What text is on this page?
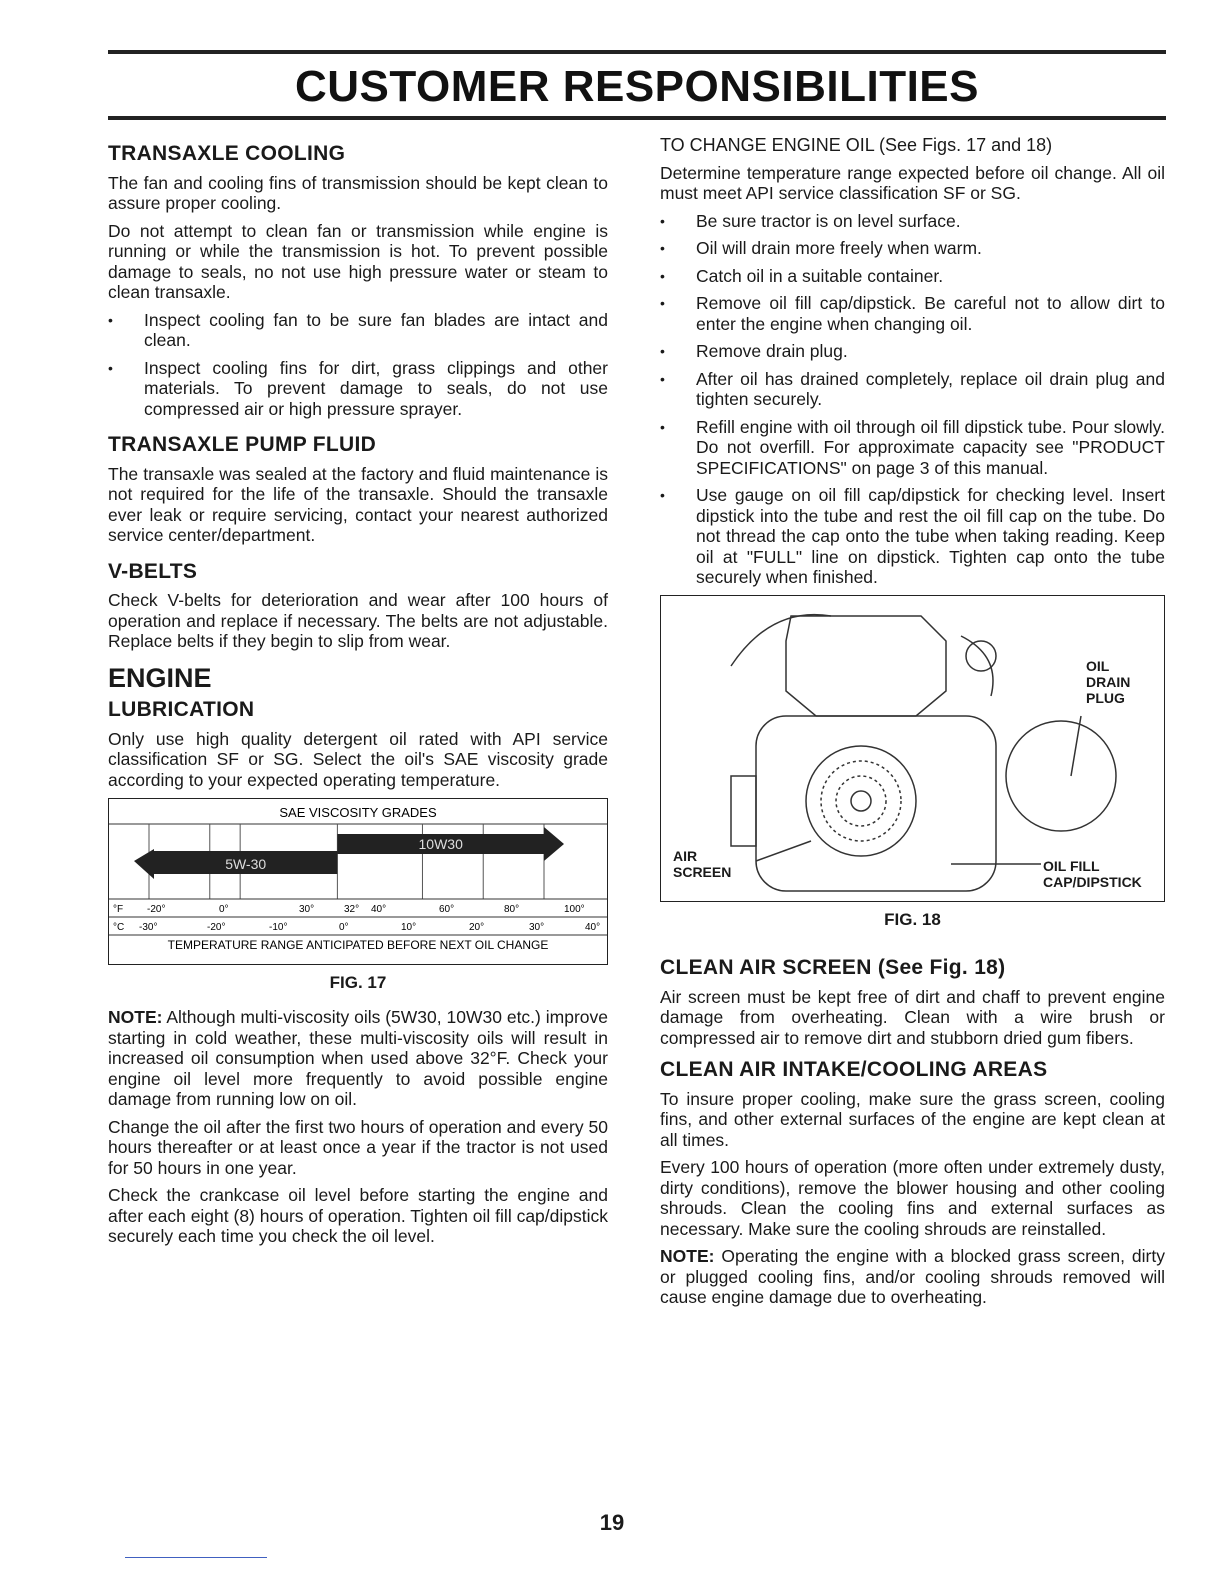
CUSTOMER RESPONSIBILITIES
TRANSAXLE COOLING

The fan and cooling fins of transmission should be kept clean to assure proper cooling.

Do not attempt to clean fan or transmission while engine is running or while the transmission is hot. To prevent possible damage to seals, no not use high pressure water or steam to clean transaxle.

• Inspect cooling fan to be sure fan blades are intact and clean.
• Inspect cooling fins for dirt, grass clippings and other materials. To prevent damage to seals, do not use compressed air or high pressure sprayer.
TRANSAXLE PUMP FLUID

The transaxle was sealed at the factory and fluid maintenance is not required for the life of the transaxle. Should the transaxle ever leak or require servicing, contact your nearest authorized service center/department.

V-BELTS

Check V-belts for deterioration and wear after 100 hours of operation and replace if necessary. The belts are not adjustable. Replace belts if they begin to slip from wear.

ENGINE
LUBRICATION

Only use high quality detergent oil rated with API service classification SF or SG. Select the oil's SAE viscosity grade according to your expected operating temperature.

SAE VISCOSITY GRADES
5W-30
10W30
°F -20°	0°	30°	32° 40°	60°	80°	100°
°C -30°	-20°	-10°	0°	10°	20°	30°	40°
TEMPERATURE RANGE ANTICIPATED BEFORE NEXT OIL CHANGE
FIG. 17

NOTE: Although multi-viscosity oils (5W30, 10W30 etc.) improve starting in cold weather, these multi-viscosity oils will result in increased oil consumption when used above 32°F. Check your engine oil level more frequently to avoid possible engine damage from running low on oil.

Change the oil after the first two hours of operation and every 50 hours thereafter or at least once a year if the tractor is not used for 50 hours in one year.

Check the crankcase oil level before starting the engine and after each eight (8) hours of operation. Tighten oil fill cap/dipstick securely each time you check the oil level.

TO CHANGE ENGINE OIL (See Figs. 17 and 18)

Determine temperature range expected before oil change. All oil must meet API service classification SF or SG.

• Be sure tractor is on level surface.
• Oil will drain more freely when warm.
• Catch oil in a suitable container.
• Remove oil fill cap/dipstick. Be careful not to allow dirt to enter the engine when changing oil.
• Remove drain plug.
• After oil has drained completely, replace oil drain plug and tighten securely.
• Refill engine with oil through oil fill dipstick tube. Pour slowly. Do not overfill. For approximate capacity see "PRODUCT SPECIFICATIONS" on page 3 of this manual.
• Use gauge on oil fill cap/dipstick for checking level. Insert dipstick into the tube and rest the oil fill cap on the tube. Do not thread the cap onto the tube when taking reading. Keep oil at "FULL" line on dipstick. Tighten cap onto the tube securely when finished.
OIL DRAIN PLUG
AIR SCREEN	OIL FILL CAP/DIPSTICK
FIG. 18
CLEAN AIR SCREEN (See Fig. 18)

Air screen must be kept free of dirt and chaff to prevent engine damage from overheating. Clean with a wire brush or compressed air to remove dirt and stubborn dried gum fibers.

CLEAN AIR INTAKE/COOLING AREAS

To insure proper cooling, make sure the grass screen, cooling fins, and other external surfaces of the engine are kept clean at all times.

Every 100 hours of operation (more often under extremely dusty, dirty conditions), remove the blower housing and other cooling shrouds. Clean the cooling fins and external surfaces as necessary. Make sure the cooling shrouds are reinstalled.

NOTE: Operating the engine with a blocked grass screen, dirty or plugged cooling fins, and/or cooling shrouds removed will cause engine damage due to overheating.

19
